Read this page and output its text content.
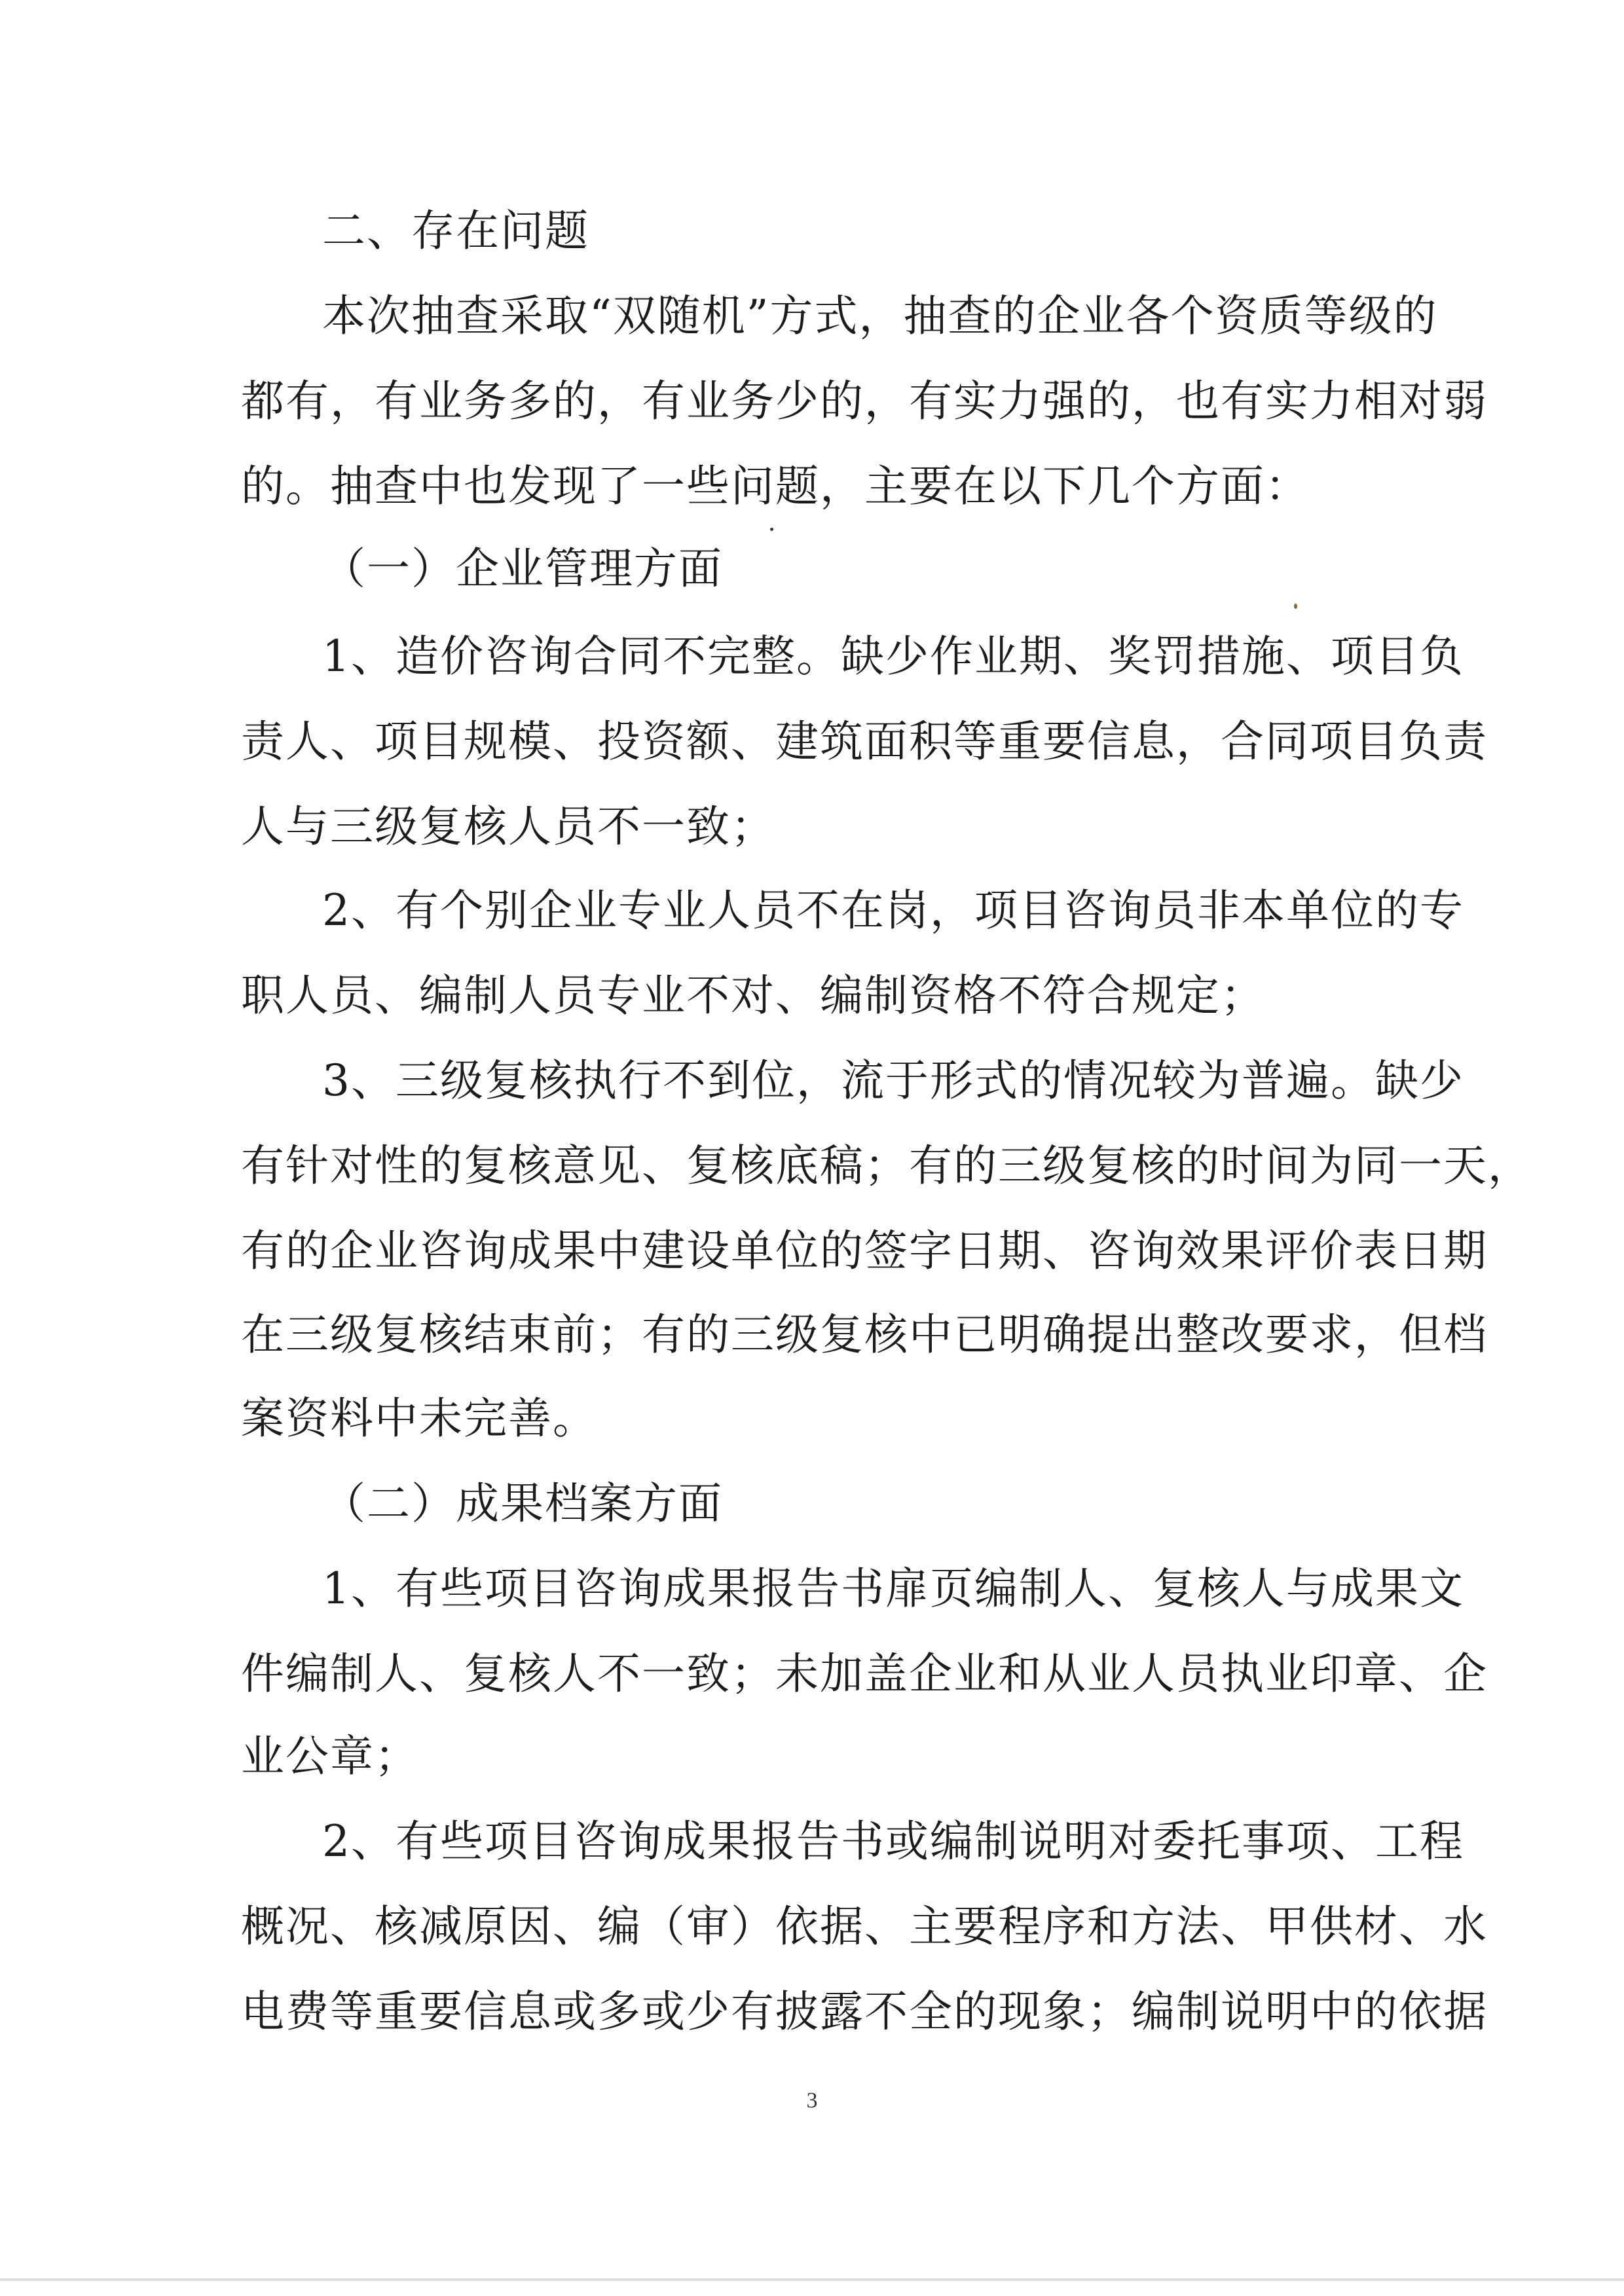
二、存在问题
本次抽查采取“双随机”方式，抽查的企业各个资质等级的
都有，有业务多的，有业务少的，有实力强的，也有实力相对弱
的。抽查中也发现了一些问题，主要在以下几个方面：
（一）企业管理方面
1、造价咨询合同不完整。缺少作业期、奖罚措施、项目负
责人、项目规模、投资额、建筑面积等重要信息，合同项目负责
人与三级复核人员不一致；
2、有个别企业专业人员不在岗，项目咨询员非本单位的专
职人员、编制人员专业不对、编制资格不符合规定；
3、三级复核执行不到位，流于形式的情况较为普遍。缺少
有针对性的复核意见、复核底稿；有的三级复核的时间为同一天，
有的企业咨询成果中建设单位的签字日期、咨询效果评价表日期
在三级复核结束前；有的三级复核中已明确提出整改要求，但档
案资料中未完善。
（二）成果档案方面
1、有些项目咨询成果报告书扉页编制人、复核人与成果文
件编制人、复核人不一致；未加盖企业和从业人员执业印章、企
业公章；
2、有些项目咨询成果报告书或编制说明对委托事项、工程
概况、核减原因、编（审）依据、主要程序和方法、甲供材、水
电费等重要信息或多或少有披露不全的现象；编制说明中的依据
3
